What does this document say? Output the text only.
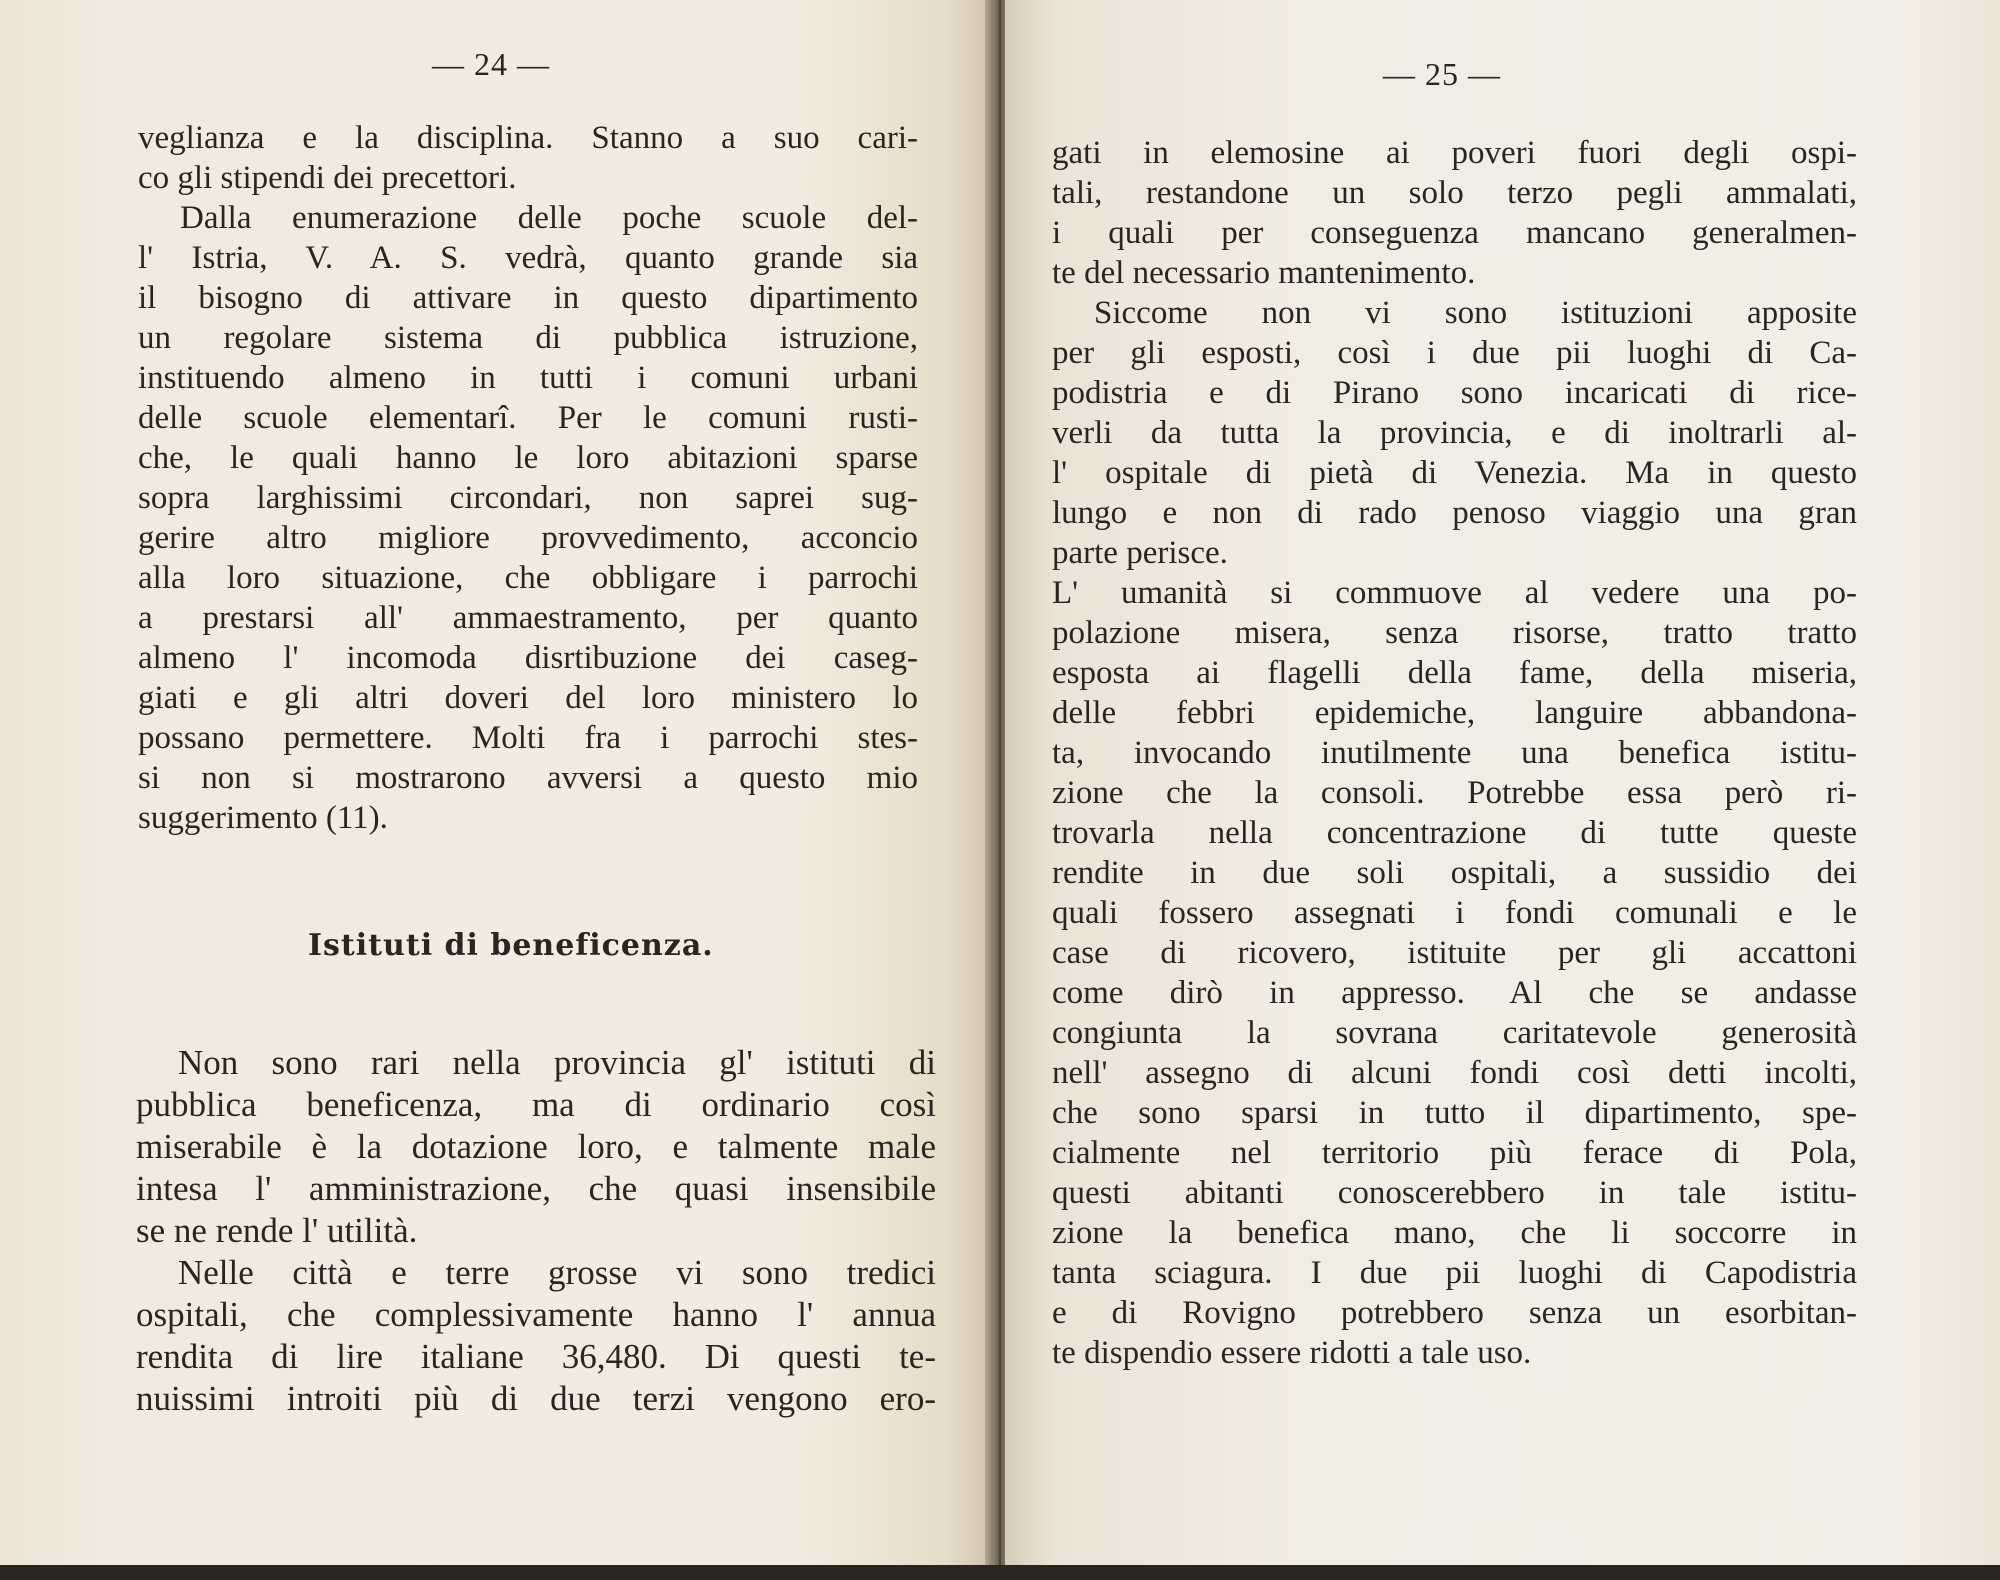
— 24 —
veglianza e la disciplina. Stanno a suo cari-
co gli stipendi dei precettori.
Dalla enumerazione delle poche scuole del-
l' Istria, V. A. S. vedrà, quanto grande sia
il bisogno di attivare in questo dipartimento
un regolare sistema di pubblica istruzione,
instituendo almeno in tutti i comuni urbani
delle scuole elementarî. Per le comuni rusti-
che, le quali hanno le loro abitazioni sparse
sopra larghissimi circondari, non saprei sug-
gerire altro migliore provvedimento, acconcio
alla loro situazione, che obbligare i parrochi
a prestarsi all' ammaestramento, per quanto
almeno l' incomoda disrtibuzione dei caseg-
giati e gli altri doveri del loro ministero lo
possano permettere. Molti fra i parrochi stes-
si non si mostrarono avversi a questo mio
suggerimento (11).
Istituti di beneficenza.
Non sono rari nella provincia gl' istituti di
pubblica beneficenza, ma di ordinario così
miserabile è la dotazione loro, e talmente male
intesa l' amministrazione, che quasi insensibile
se ne rende l' utilità.
Nelle città e terre grosse vi sono tredici
ospitali, che complessivamente hanno l' annua
rendita di lire italiane 36,480. Di questi te-
nuissimi introiti più di due terzi vengono ero-
— 25 —
gati in elemosine ai poveri fuori degli ospi-
tali, restandone un solo terzo pegli ammalati,
i quali per conseguenza mancano generalmen-
te del necessario mantenimento.
Siccome non vi sono istituzioni apposite
per gli esposti, così i due pii luoghi di Ca-
podistria e di Pirano sono incaricati di rice-
verli da tutta la provincia, e di inoltrarli al-
l' ospitale di pietà di Venezia. Ma in questo
lungo e non di rado penoso viaggio una gran
parte perisce.
L' umanità si commuove al vedere una po-
polazione misera, senza risorse, tratto tratto
esposta ai flagelli della fame, della miseria,
delle febbri epidemiche, languire abbandona-
ta, invocando inutilmente una benefica istitu-
zione che la consoli. Potrebbe essa però ri-
trovarla nella concentrazione di tutte queste
rendite in due soli ospitali, a sussidio dei
quali fossero assegnati i fondi comunali e le
case di ricovero, istituite per gli accattoni
come dirò in appresso. Al che se andasse
congiunta la sovrana caritatevole generosità
nell' assegno di alcuni fondi così detti incolti,
che sono sparsi in tutto il dipartimento, spe-
cialmente nel territorio più ferace di Pola,
questi abitanti conoscerebbero in tale istitu-
zione la benefica mano, che li soccorre in
tanta sciagura. I due pii luoghi di Capodistria
e di Rovigno potrebbero senza un esorbitan-
te dispendio essere ridotti a tale uso.
